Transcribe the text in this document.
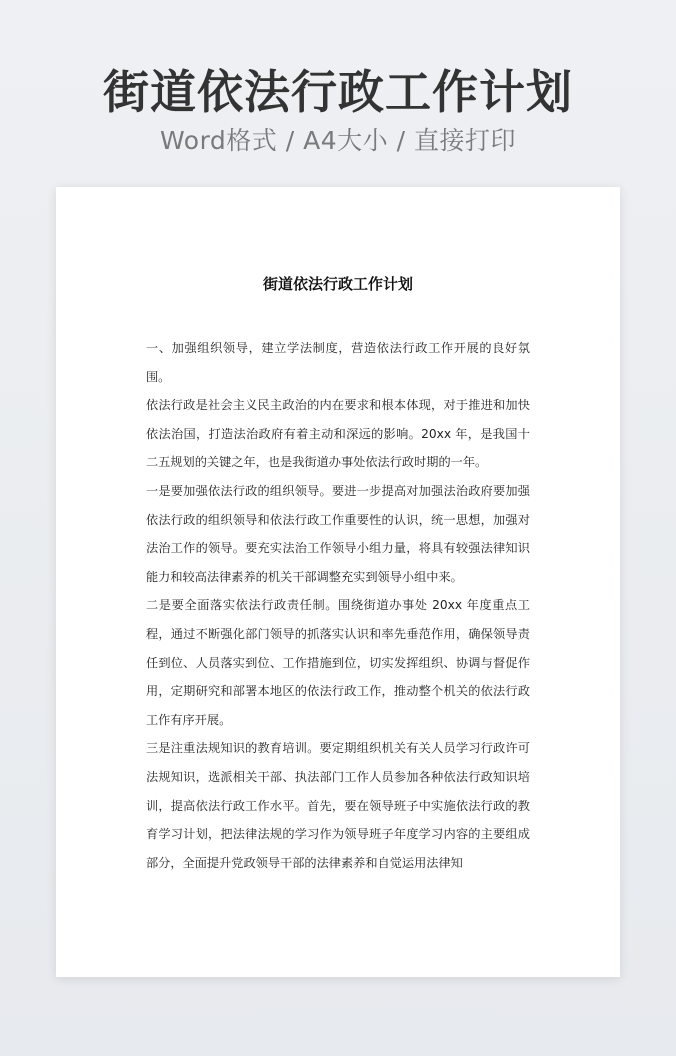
街道依法行政工作计划
Word格式 / A4大小 / 直接打印
街道依法行政工作计划

一、加强组织领导，建立学法制度，营造依法行政工作开展的良好氛围。

依法行政是社会主义民主政治的内在要求和根本体现，对于推进和加快依法治国，打造法治政府有着主动和深远的影响。20xx 年，是我国十二五规划的关键之年，也是我街道办事处依法行政时期的一年。

一是要加强依法行政的组织领导。要进一步提高对加强法治政府要加强依法行政的组织领导和依法行政工作重要性的认识，统一思想，加强对法治工作的领导。要充实法治工作领导小组力量，将具有较强法律知识能力和较高法律素养的机关干部调整充实到领导小组中来。

二是要全面落实依法行政责任制。围绕街道办事处 20xx 年度重点工程，通过不断强化部门领导的抓落实认识和率先垂范作用，确保领导责任到位、人员落实到位、工作措施到位，切实发挥组织、协调与督促作用，定期研究和部署本地区的依法行政工作，推动整个机关的依法行政工作有序开展。

三是注重法规知识的教育培训。要定期组织机关有关人员学习行政许可法规知识，选派相关干部、执法部门工作人员参加各种依法行政知识培训，提高依法行政工作水平。首先，要在领导班子中实施依法行政的教育学习计划，把法律法规的学习作为领导班子年度学习内容的主要组成部分，全面提升党政领导干部的法律素养和自觉运用法律知
